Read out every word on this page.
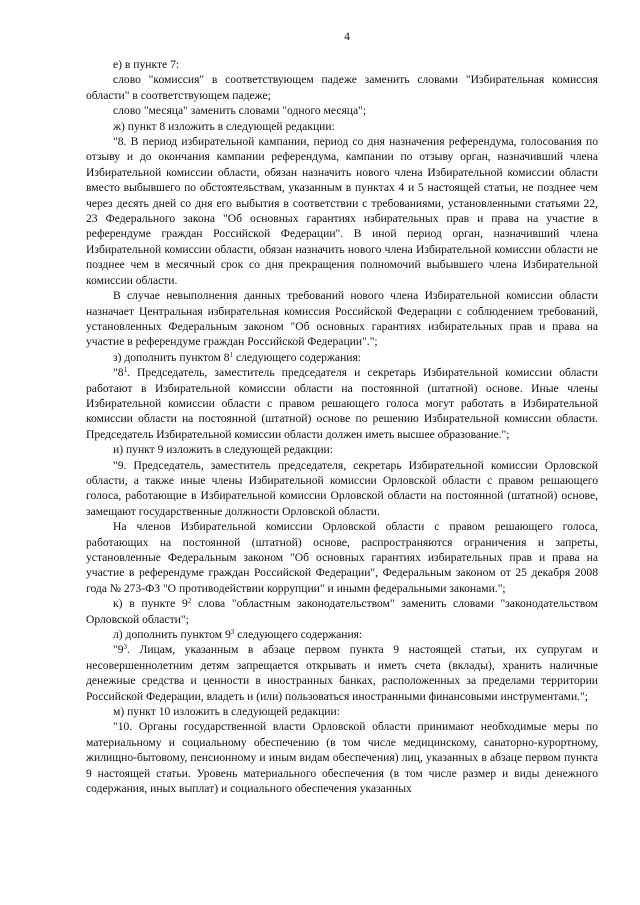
4

е) в пункте 7:

слово "комиссия" в соответствующем падеже заменить словами "Избирательная комиссия области" в соответствующем падеже;

слово "месяца" заменить словами "одного месяца";

ж) пункт 8 изложить в следующей редакции:

"8. В период избирательной кампании, период со дня назначения референдума, голосования по отзыву и до окончания кампании референдума, кампании по отзыву орган, назначивший члена Избирательной комиссии области, обязан назначить нового члена Избирательной комиссии области вместо выбывшего по обстоятельствам, указанным в пунктах 4 и 5 настоящей статьи, не позднее чем через десять дней со дня его выбытия в соответствии с требованиями, установленными статьями 22, 23 Федерального закона "Об основных гарантиях избирательных прав и права на участие в референдуме граждан Российской Федерации". В иной период орган, назначивший члена Избирательной комиссии области, обязан назначить нового члена Избирательной комиссии области не позднее чем в месячный срок со дня прекращения полномочий выбывшего члена Избирательной комиссии области.

В случае невыполнения данных требований нового члена Избирательной комиссии области назначает Центральная избирательная комиссия Российской Федерации с соблюдением требований, установленных Федеральным законом "Об основных гарантиях избирательных прав и права на участие в референдуме граждан Российской Федерации".";

з) дополнить пунктом $8^1$ следующего содержания:

"$8^1$. Председатель, заместитель председателя и секретарь Избирательной комиссии области работают в Избирательной комиссии области на постоянной (штатной) основе. Иные члены Избирательной комиссии области с правом решающего голоса могут работать в Избирательной комиссии области на постоянной (штатной) основе по решению Избирательной комиссии области. Председатель Избирательной комиссии области должен иметь высшее образование.";

и) пункт 9 изложить в следующей редакции:

"9. Председатель, заместитель председателя, секретарь Избирательной комиссии Орловской области, а также иные члены Избирательной комиссии Орловской области с правом решающего голоса, работающие в Избирательной комиссии Орловской области на постоянной (штатной) основе, замещают государственные должности Орловской области.

На членов Избирательной комиссии Орловской области с правом решающего голоса, работающих на постоянной (штатной) основе, распространяются ограничения и запреты, установленные Федеральным законом "Об основных гарантиях избирательных прав и права на участие в референдуме граждан Российской Федерации", Федеральным законом от 25 декабря 2008 года № 273-ФЗ "О противодействии коррупции" и иными федеральными законами.";

к) в пункте $9^2$ слова "областным законодательством" заменить словами "законодательством Орловской области";

л) дополнить пунктом $9^3$ следующего содержания:

"$9^3$. Лицам, указанным в абзаце первом пункта 9 настоящей статьи, их супругам и несовершеннолетним детям запрещается открывать и иметь счета (вклады), хранить наличные денежные средства и ценности в иностранных банках, расположенных за пределами территории Российской Федерации, владеть и (или) пользоваться иностранными финансовыми инструментами.";

м) пункт 10 изложить в следующей редакции:

"10. Органы государственной власти Орловской области принимают необходимые меры по материальному и социальному обеспечению (в том числе медицинскому, санаторно-курортному, жилищно-бытовому, пенсионному и иным видам обеспечения) лиц, указанных в абзаце первом пункта 9 настоящей статьи. Уровень материального обеспечения (в том числе размер и виды денежного содержания, иных выплат) и социального обеспечения указанных
